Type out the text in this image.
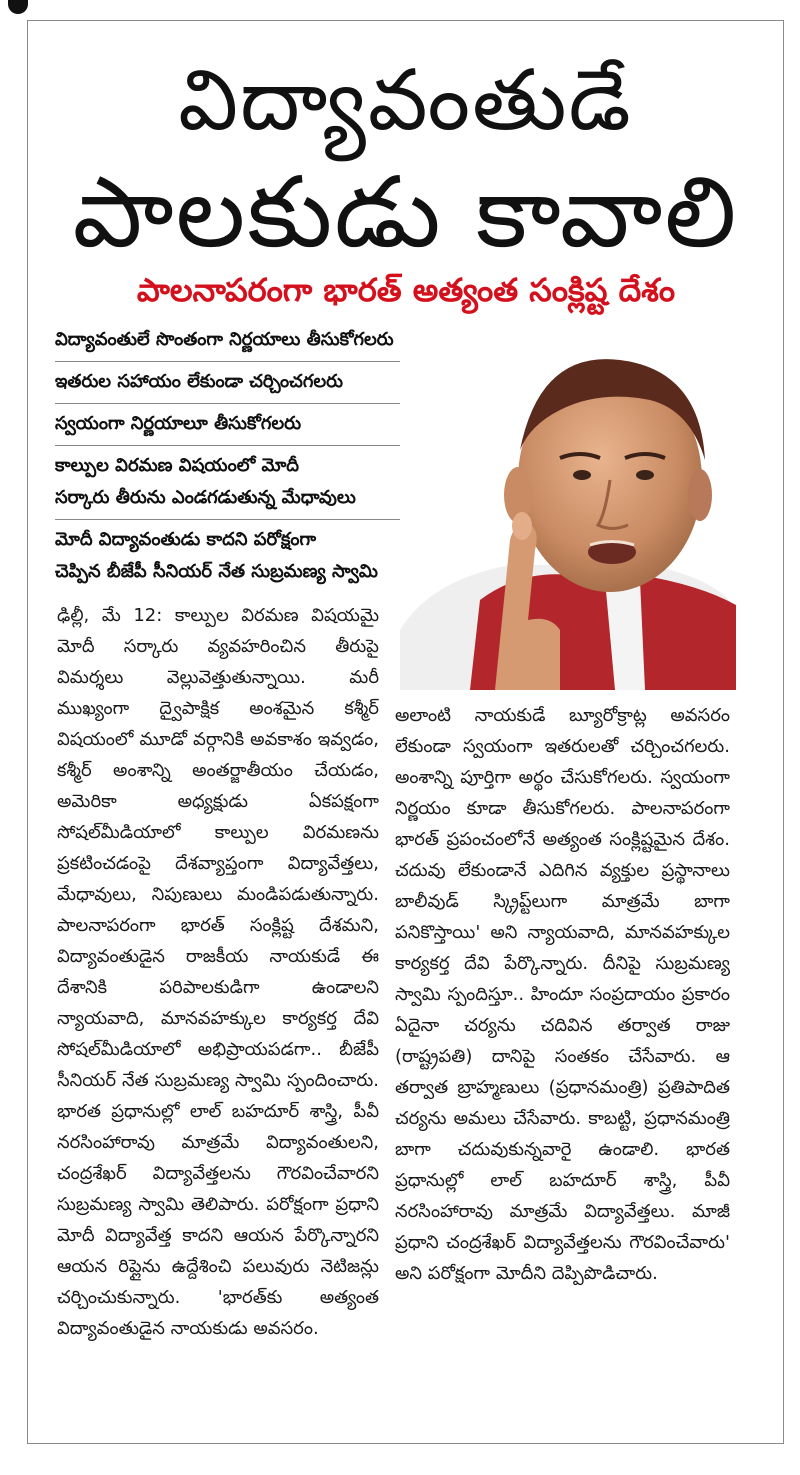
విద్యావంతుడే
పాలకుడు కావాలి
పాలనాపరంగా భారత్‌ అత్యంత సంక్లిష్ట దేశం
విద్యావంతులే సొంతంగా నిర్ణయాలు తీసుకోగలరు
ఇతరుల సహాయం లేకుండా చర్చించగలరు
స్వయంగా నిర్ణయాలూ తీసుకోగలరు
కాల్పుల విరమణ విషయంలో మోదీ
సర్కారు తీరును ఎండగడుతున్న మేధావులు
మోదీ విద్యావంతుడు కాదని పరోక్షంగా
చెప్పిన బీజేపీ సీనియర్‌ నేత సుబ్రమణ్య స్వామి

ఢిల్లీ, మే 12: కాల్పుల విరమణ విషయమై మోదీ సర్కారు వ్యవహరించిన తీరుపై విమర్శలు వెల్లువెత్తుతున్నాయి. మరీ ముఖ్యంగా ద్వైపాక్షిక అంశమైన కశ్మీర్‌ విషయంలో మూడో వర్గానికి అవకాశం ఇవ్వడం, కశ్మీర్‌ అంశాన్ని అంతర్జాతీయం చేయడం, అమెరికా అధ్యక్షుడు ఏకపక్షంగా సోషల్‌మీడియాలో కాల్పుల విరమణను ప్రకటించడంపై దేశవ్యాప్తంగా విద్యావేత్తలు, మేధావులు, నిపుణులు మండిపడుతున్నారు. పాలనాపరంగా భారత్‌ సంక్లిష్ట దేశమని, విద్యావంతుడైన రాజకీయ నాయకుడే ఈ దేశానికి పరిపాలకుడిగా ఉండాలని న్యాయవాది, మానవహక్కుల కార్యకర్త దేవి సోషల్‌మీడియాలో అభిప్రాయపడగా.. బీజేపీ సీనియర్‌ నేత సుబ్రమణ్య స్వామి స్పందించారు. భారత ప్రధానుల్లో లాల్‌ బహదూర్‌ శాస్త్రి, పీవీ నరసింహారావు మాత్రమే విద్యావంతులని, చంద్రశేఖర్‌ విద్యావేత్తలను గౌరవించేవారని సుబ్రమణ్య స్వామి తెలిపారు. పరోక్షంగా ప్రధాని మోదీ విద్యావేత్త కాదని ఆయన పేర్కొన్నారని ఆయన రిప్లైను ఉద్దేశించి పలువురు నెటిజన్లు చర్చించుకున్నారు. 'భారత్‌కు అత్యంత విద్యావంతుడైన నాయకుడు అవసరం.

అలాంటి నాయకుడే బ్యూరోక్రాట్ల అవసరం లేకుండా స్వయంగా ఇతరులతో చర్చించగలరు. అంశాన్ని పూర్తిగా అర్థం చేసుకోగలరు. స్వయంగా నిర్ణయం కూడా తీసుకోగలరు. పాలనాపరంగా భారత్‌ ప్రపంచంలోనే అత్యంత సంక్లిష్టమైన దేశం. చదువు లేకుండానే ఎదిగిన వ్యక్తుల ప్రస్థానాలు బాలీవుడ్‌ స్క్రిప్ట్‌లుగా మాత్రమే బాగా పనికొస్తాయి' అని న్యాయవాది, మానవహక్కుల కార్యకర్త దేవి పేర్కొన్నారు. దీనిపై సుబ్రమణ్య స్వామి స్పందిస్తూ.. హిందూ సంప్రదాయం ప్రకారం ఏదైనా చర్యను చదివిన తర్వాత రాజు (రాష్ట్రపతి) దానిపై సంతకం చేసేవారు. ఆ తర్వాత బ్రాహ్మణులు (ప్రధానమంత్రి) ప్రతిపాదిత చర్యను అమలు చేసేవారు. కాబట్టి, ప్రధానమంత్రి బాగా చదువుకున్నవారై ఉండాలి. భారత ప్రధానుల్లో లాల్‌ బహదూర్‌ శాస్త్రి, పీవీ నరసింహారావు మాత్రమే విద్యావేత్తలు. మాజీ ప్రధాని చంద్రశేఖర్‌ విద్యావేత్తలను గౌరవించేవారు' అని పరోక్షంగా మోదీని దెప్పిపొడిచారు.
